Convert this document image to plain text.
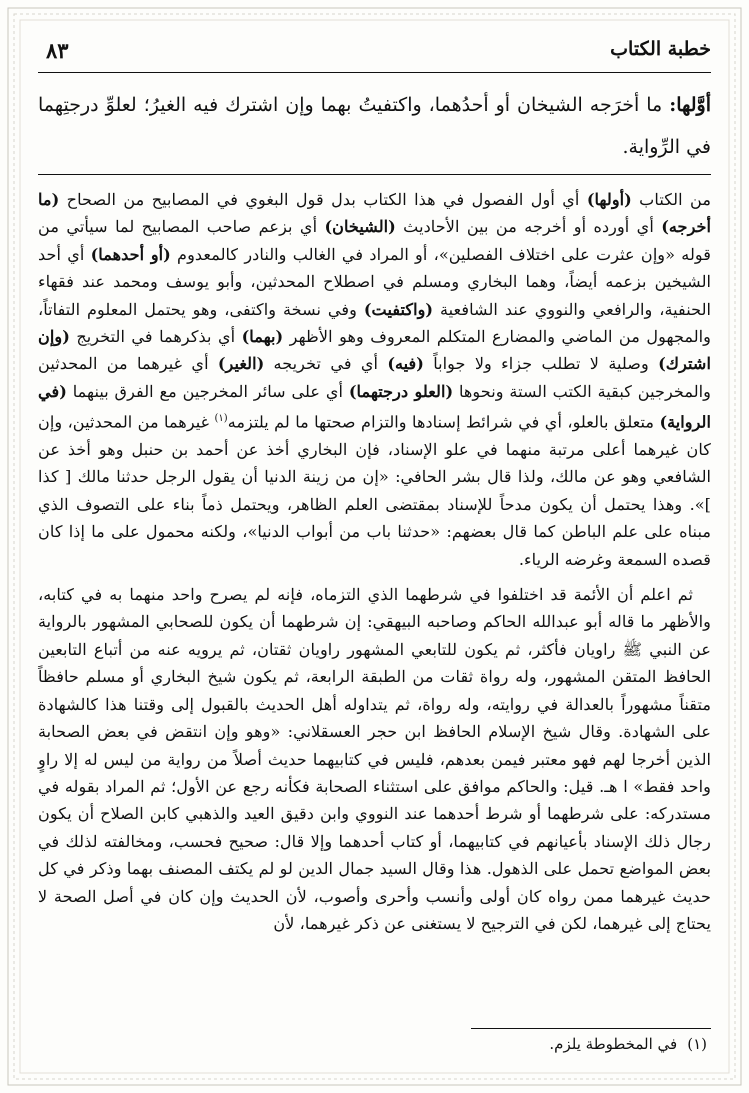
خطبة الكتاب
٨٣
أوَّلها: ما أخرَجه الشيخان أو أحدُهما، واكتفيتُ بهما وإن اشترك فيه الغيرُ؛ لعلوِّ درجتِهما في الرِّواية.

من الكتاب (أولها) أي أول الفصول في هذا الكتاب بدل قول البغوي في المصابيح من الصحاح (ما أخرجه) أي أورده أو أخرجه من بين الأحاديث (الشيخان) أي بزعم صاحب المصابيح لما سيأتي من قوله «وإن عثرت على اختلاف الفصلين»، أو المراد في الغالب والنادر كالمعدوم (أو أحدهما) أي أحد الشيخين بزعمه أيضاً، وهما البخاري ومسلم في اصطلاح المحدثين، وأبو يوسف ومحمد عند فقهاء الحنفية، والرافعي والنووي عند الشافعية (واكتفيت) وفي نسخة واكتفى، وهو يحتمل المعلوم التفاتاً، والمجهول من الماضي والمضارع المتكلم المعروف وهو الأظهر (بهما) أي بذكرهما في التخريج (وإن اشترك) وصلية لا تطلب جزاء ولا جواباً (فيه) أي في تخريجه (الغير) أي غيرهما من المحدثين والمخرجين كبقية الكتب الستة ونحوها (العلو درجتهما) أي على سائر المخرجين مع الفرق بينهما (في الرواية) متعلق بالعلو، أي في شرائط إسنادها والتزام صحتها ما لم يلتزمه$^{(١)}$ غيرهما من المحدثين، وإن كان غيرهما أعلى مرتبة منهما في علو الإسناد، فإن البخاري أخذ عن أحمد بن حنبل وهو أخذ عن الشافعي وهو عن مالك، ولذا قال بشر الحافي: «إن من زينة الدنيا أن يقول الرجل حدثنا مالك [ كذا ]». وهذا يحتمل أن يكون مدحاً للإسناد بمقتضى العلم الظاهر، ويحتمل ذماً بناء على التصوف الذي مبناه على علم الباطن كما قال بعضهم: «حدثنا باب من أبواب الدنيا»، ولكنه محمول على ما إذا كان قصده السمعة وغرضه الرياء.

ثم اعلم أن الأئمة قد اختلفوا في شرطهما الذي التزماه، فإنه لم يصرح واحد منهما به في كتابه، والأظهر ما قاله أبو عبدالله الحاكم وصاحبه البيهقي: إن شرطهما أن يكون للصحابي المشهور بالرواية عن النبي ﷺ راويان فأكثر، ثم يكون للتابعي المشهور راويان ثقتان، ثم يرويه عنه من أتباع التابعين الحافظ المتقن المشهور، وله رواة ثقات من الطبقة الرابعة، ثم يكون شيخ البخاري أو مسلم حافظاً متقناً مشهوراً بالعدالة في روايته، وله رواة، ثم يتداوله أهل الحديث بالقبول إلى وقتنا هذا كالشهادة على الشهادة. وقال شيخ الإسلام الحافظ ابن حجر العسقلاني: «وهو وإن انتقض في بعض الصحابة الذين أخرجا لهم فهو معتبر فيمن بعدهم، فليس في كتابيهما حديث أصلاً من رواية من ليس له إلا راوٍ واحد فقط» ا هـ. قيل: والحاكم موافق على استثناء الصحابة فكأنه رجع عن الأول؛ ثم المراد بقوله في مستدركه: على شرطهما أو شرط أحدهما عند النووي وابن دقيق العيد والذهبي كابن الصلاح أن يكون رجال ذلك الإسناد بأعيانهم في كتابيهما، أو كتاب أحدهما وإلا قال: صحيح فحسب، ومخالفته لذلك في بعض المواضع تحمل على الذهول. هذا وقال السيد جمال الدين لو لم يكتف المصنف بهما وذكر في كل حديث غيرهما ممن رواه كان أولى وأنسب وأحرى وأصوب، لأن الحديث وإن كان في أصل الصحة لا يحتاج إلى غيرهما، لكن في الترجيح لا يستغنى عن ذكر غيرهما، لأن

(١)في المخطوطة يلزم.
